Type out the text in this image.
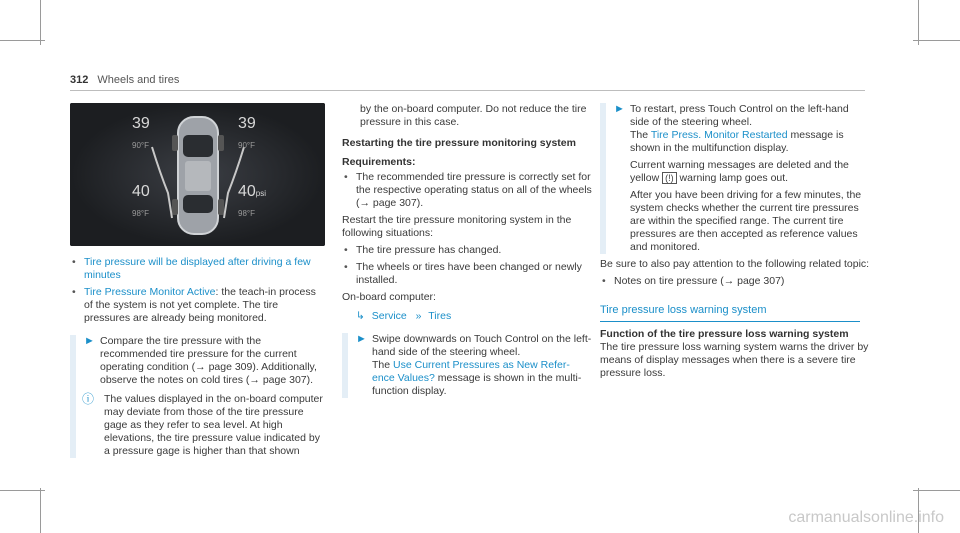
312 Wheels and tires
39
90°F
39
90°F
40
98°F
40psi
98°F
• Tire pressure will be displayed after driving a few minutes
• Tire Pressure Monitor Active: the teach-in process of the system is not yet complete. The tire pressures are already being monitored.
► Compare the tire pressure with the recommended tire pressure for the current operating condition (→ page 309). Additionally, observe the notes on cold tires (→ page 307).
ⓘ The values displayed in the on-board computer may deviate from those of the tire pressure gage as they refer to sea level. At high elevations, the tire pressure value indicated by a pressure gage is higher than that shown
by the on-board computer. Do not reduce the tire pressure in this case.
Restarting the tire pressure monitoring system
Requirements:
• The recommended tire pressure is correctly set for the respective operating status on all of the wheels (→ page 307).
Restart the tire pressure monitoring system in the following situations:
• The tire pressure has changed.
• The wheels or tires have been changed or newly installed.
On-board computer:
↳ Service » Tires
► Swipe downwards on Touch Control on the left-hand side of the steering wheel.
The Use Current Pressures as New Refer-ence Values? message is shown in the multi-function display.
► To restart, press Touch Control on the left-hand side of the steering wheel.
The Tire Press. Monitor Restarted message is shown in the multifunction display.
Current warning messages are deleted and the yellow (!) warning lamp goes out.
After you have been driving for a few minutes, the system checks whether the current tire pressures are within the specified range. The current tire pressures are then accepted as reference values and monitored.
Be sure to also pay attention to the following related topic:
• Notes on tire pressure (→ page 307)
Tire pressure loss warning system
Function of the tire pressure loss warning system
The tire pressure loss warning system warns the driver by means of display messages when there is a severe tire pressure loss.
carmanualsonline.info
